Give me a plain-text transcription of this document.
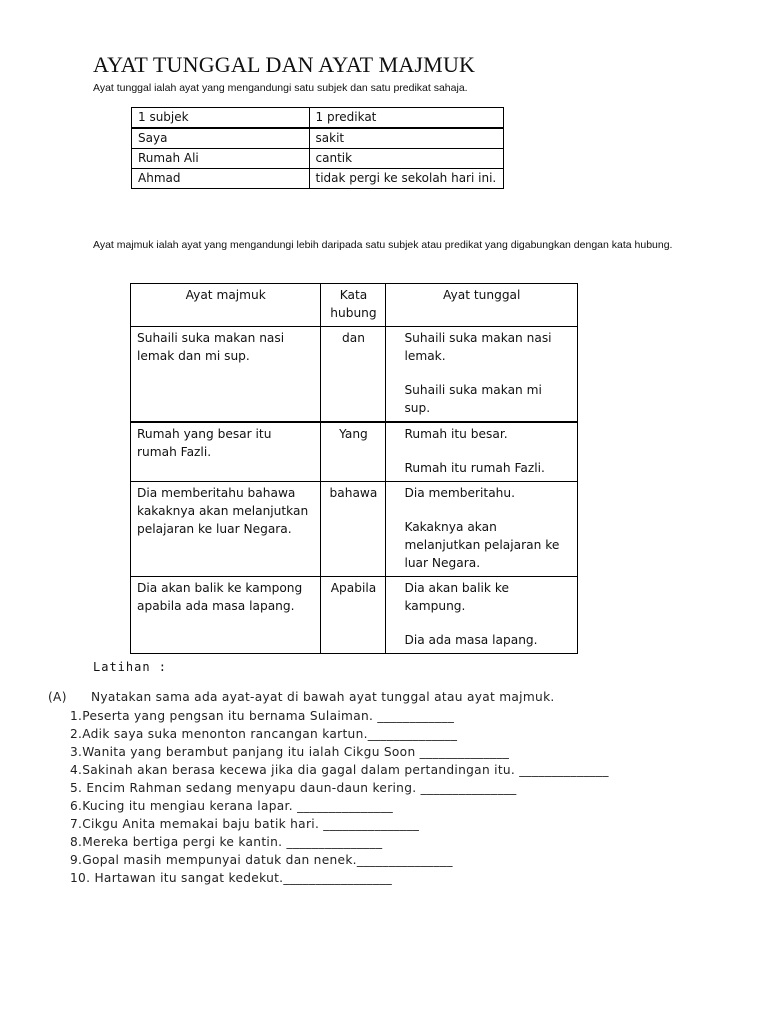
AYAT TUNGGAL DAN AYAT MAJMUK
Ayat tunggal ialah ayat yang mengandungi satu subjek dan satu predikat sahaja.
1 subjek	1 predikat
Saya	sakit
Rumah Ali	cantik
Ahmad	tidak pergi ke sekolah hari ini.
Ayat majmuk ialah ayat yang mengandungi lebih daripada satu subjek atau predikat yang digabungkan dengan kata hubung.
Ayat majmuk	Kata hubung	Ayat tunggal
Suhaili suka makan nasi lemak dan mi sup.	dan	Suhaili suka makan nasi lemak.
Suhaili suka makan mi sup.

Rumah yang besar itu rumah Fazli.	Yang	Rumah itu besar.
Rumah itu rumah Fazli.

Dia memberitahu bahawa kakaknya akan melanjutkan pelajaran ke luar Negara.	bahawa	Dia memberitahu.
Kakaknya akan melanjutkan pelajaran ke luar Negara.

Dia akan balik ke kampong apabila ada masa lapang.	Apabila	Dia akan balik ke kampung.
Dia ada masa lapang.
Latihan :
(A) Nyatakan sama ada ayat-ayat di bawah ayat tunggal atau ayat majmuk.
1.Peserta yang pengsan itu bernama Sulaiman. ____________
2.Adik saya suka menonton rancangan kartun.______________
3.Wanita yang berambut panjang itu ialah Cikgu Soon ______________
4.Sakinah akan berasa kecewa jika dia gagal dalam pertandingan itu. ______________
5. Encim Rahman sedang menyapu daun-daun kering. _______________
6.Kucing itu mengiau kerana lapar. _______________
7.Cikgu Anita memakai baju batik hari. _______________
8.Mereka bertiga pergi ke kantin. _______________
9.Gopal masih mempunyai datuk dan nenek._______________
10. Hartawan itu sangat kedekut._________________
